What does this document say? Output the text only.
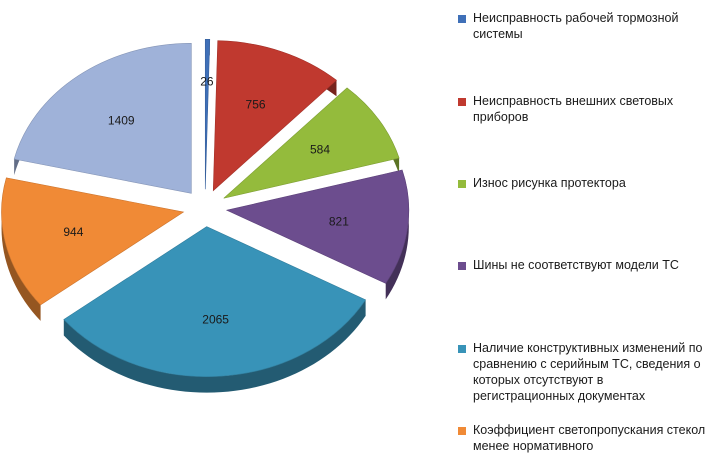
26
756
584
821
2065
944
1409
Неисправность рабочей тормозной системы
Неисправность внешних световых приборов
Износ рисунка протектора
Шины не соответствуют модели ТС
Наличие конструктивных изменений по сравнению с серийным ТС, сведения о которых отсутствуют в регистрационных документах
Коэффициент светопропускания стекол менее нормативного
